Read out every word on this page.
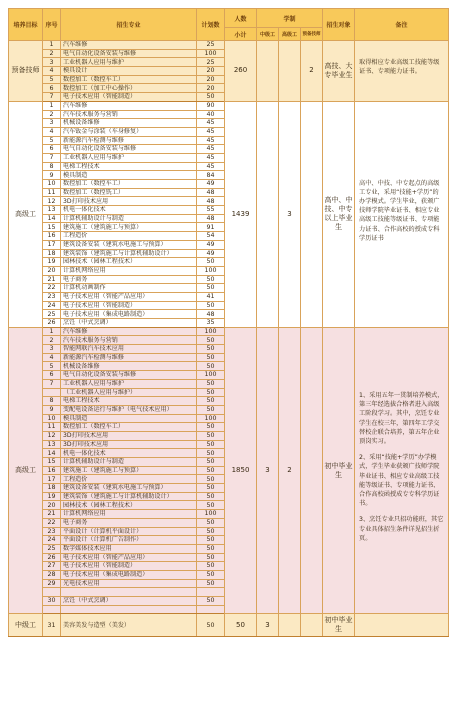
培养目标	序号	招生专业	计划数	人数	学制			招生对象	备注
				小计	中级工	高级工	预备技师		
预备技师	1	汽车维修	25	260			2	高技、大专毕业生	取得相应专业高级工技能等级证书、专项能力证书。

	2	电气自动化设备安装与维修	100						
	3	工业机器人应用与维护	25						
	4	模具设计	20						
	5	数控加工（数控车工）	20						
	6	数控加工（加工中心操作）	20						
	7	电子技术应用（智能制造）	50						
高级工	1	汽车维修	90	1439		3		高中、中技、中专以上毕业生	高中、中技、中专起点的高级工专业，采用“技能+学历”的办学模式。学生毕业，获颁广技师学院毕业证书、相应专业高级工技能等级证书、专项能力证书、合作高校的授成专科学历证书

	2	汽车技术服务与营销	40						
	3	机械设备维修	45						
	4	汽车钣金与涂装（车身修复）	45						
	5	新能源汽车检测与维修	45						
	6	电气自动化设备安装与维修	45						
	7	工业机器人应用与维护	45						
	8	电梯工程技术	45						
	9	模具制造	84						
	10	数控加工（数控车工）	49						
	11	数控加工（数控铣工）	48						
	12	3D打印技术应用	48						
	13	机电一体化技术	55						
	14	计算机辅助设计与制造	48						
	15	建筑施工（建筑施工与预算）	91						
	16	工程造价	54						
	17	建筑设备安装（建筑水电施工与预算）	49						
	18	建筑装饰（建筑施工与计算机辅助设计）	49						
	19	园林技术（园林工程技术）	50						
	20	计算机网络应用	100						
	21	电子商务	50						
	22	计算机动画制作	50						
	23	电子技术应用（智能产品应用）	41						
	24	电子技术应用（智能制造）	50						
	25	电子技术应用（集成电路制造）	48						
	26	烹饪（中式烹调）	35						
高级工	1	汽车维修	100	1850	3	2		初中毕业生	1、采用五年一贯制培养模式，第三年经选拔合格者进入高级工阶段学习。其中，烹饪专业学生在校三年，第四年工学交替校企联合培养，第五年企业顶岗实习。
2、采用“技能+学历”办学模式，学生毕业获颁广技师学院毕业证书、相应专业高级工技能等级证书、专项能力证书、合作高校函授成专专科学历证书。
3、烹饪专业只招功能班，其它专业具体招生条件详见招生折页。

	2	汽车技术服务与营销	50						
	3	智能网联汽车技术应用	50						
	4	新能源汽车检测与维修	50						
	5	机械设备维修	50						
	6	电气自动化设备安装与维修	100						
	7	工业机器人应用与维护	50						
		（工业机器人应用与维护）	50						
	8	电梯工程技术	50						
	9	变配电设备运行与维护（电气技术应用）	50						
	10	模具制造	100						
	11	数控加工（数控车工）	50						
	12	3D打印技术应用	50						
	13	3D打印技术应用	50						
	14	机电一体化技术	50						
	15	计算机辅助设计与制造	50						
	16	建筑施工（建筑施工与预算）	50						
	17	工程造价	50						
	18	建筑设备安装（建筑水电施工与预算）	50						
	19	建筑装饰（建筑施工与计算机辅助设计）	50						
	20	园林技术（园林工程技术）	50						
	21	计算机网络应用	100						
	22	电子商务	50						
	23	平面设计（计算机平面设计）	50						
	24	平面设计（计算机广告制作）	50						
	25	数字媒体技术应用	50						
	26	电子技术应用（智能产品应用）	50						
	27	电子技术应用（智能制造）	50						
	28	电子技术应用（集成电路制造）	50						
	29	光电技术应用	50						

	30	烹饪（中式烹调）	50						

中级工	31	美容美发与造型（美发）	50	50	3			初中毕业生	
